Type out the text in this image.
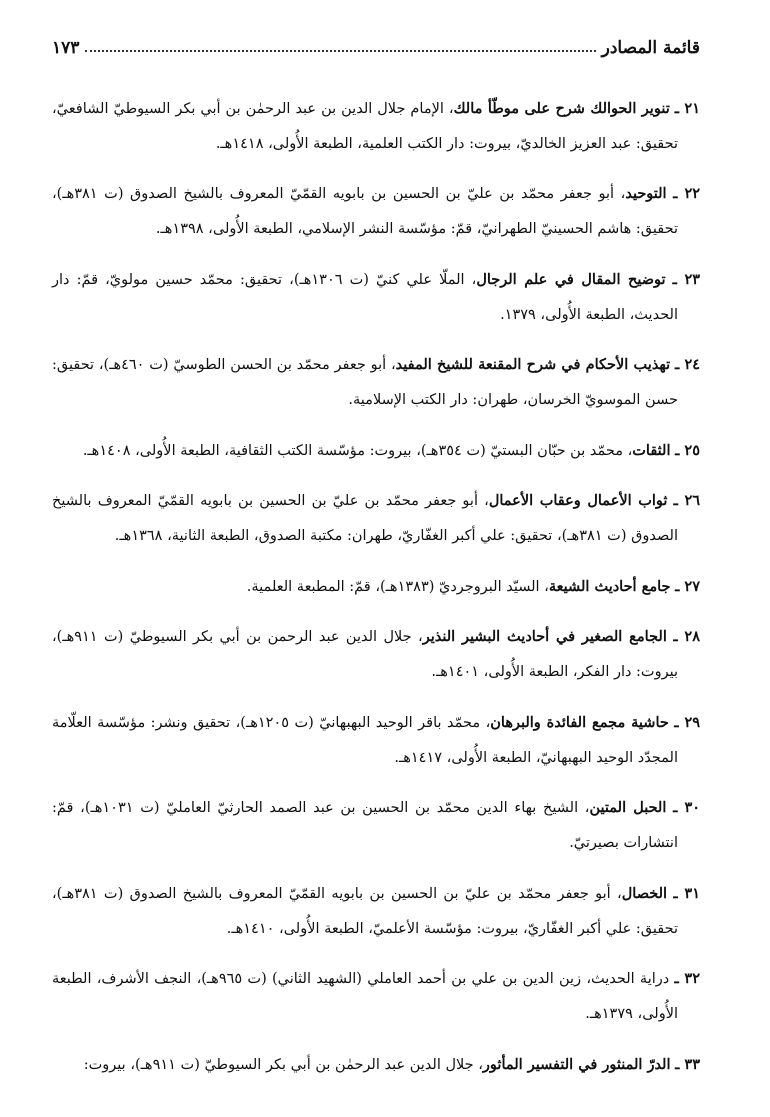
قائمة المصادر
١٧٣

٢١ ـ تنوير الحوالك شرح على موطّأ مالك، الإمام جلال الدين بن عبد الرحمٰن بن أبي بكر السيوطيّ الشافعيّ، تحقيق: عبد العزيز الخالديّ، بيروت: دار الكتب العلمية، الطبعة الأُولى، ١٤١٨هـ.

٢٢ ـ التوحيد، أبو جعفر محمّد بن عليّ بن الحسين بن بابويه القمّيّ المعروف بالشيخ الصدوق (ت ٣٨١هـ)، تحقيق: هاشم الحسينيّ الطهرانيّ، قمّ: مؤسّسة النشر الإسلامي، الطبعة الأُولى، ١٣٩٨هـ.

٢٣ ـ توضيح المقال في علم الرجال، الملّا علي كنيّ (ت ١٣٠٦هـ)، تحقيق: محمّد حسين مولويّ، قمّ: دار الحديث، الطبعة الأُولى، ١٣٧٩.

٢٤ ـ تهذيب الأحكام في شرح المقنعة للشيخ المفيد، أبو جعفر محمّد بن الحسن الطوسيّ (ت ٤٦٠هـ)، تحقيق: حسن الموسويّ الخرسان، طهران: دار الكتب الإسلامية.

٢٥ ـ الثقات، محمّد بن حبّان البستيّ (ت ٣٥٤هـ)، بيروت: مؤسّسة الكتب الثقافية، الطبعة الأُولى، ١٤٠٨هـ.

٢٦ ـ ثواب الأعمال وعقاب الأعمال، أبو جعفر محمّد بن عليّ بن الحسين بن بابويه القمّيّ المعروف بالشيخ الصدوق (ت ٣٨١هـ)، تحقيق: علي أكبر الغفّاريّ، طهران: مكتبة الصدوق، الطبعة الثانية، ١٣٦٨هـ.

٢٧ ـ جامع أحاديث الشيعة، السيّد البروجرديّ (١٣٨٣هـ)، قمّ: المطبعة العلمية.

٢٨ ـ الجامع الصغير في أحاديث البشير النذير، جلال الدين عبد الرحمن بن أبي بكر السيوطيّ (ت ٩١١هـ)، بيروت: دار الفكر، الطبعة الأُولى، ١٤٠١هـ.

٢٩ ـ حاشية مجمع الفائدة والبرهان، محمّد باقر الوحيد البهبهانيّ (ت ١٢٠٥هـ)، تحقيق ونشر: مؤسّسة العلّامة المجدّد الوحيد البهبهانيّ، الطبعة الأُولى، ١٤١٧هـ.

٣٠ ـ الحبل المتين، الشيخ بهاء الدين محمّد بن الحسين بن عبد الصمد الحارثيّ العامليّ (ت ١٠٣١هـ)، قمّ: انتشارات بصيرتيّ.

٣١ ـ الخصال، أبو جعفر محمّد بن عليّ بن الحسين بن بابويه القمّيّ المعروف بالشيخ الصدوق (ت ٣٨١هـ)، تحقيق: علي أكبر الغفّاريّ، بيروت: مؤسّسة الأعلميّ، الطبعة الأُولى، ١٤١٠هـ.

٣٢ ـ دراية الحديث، زين الدين بن علي بن أحمد العاملي (الشهيد الثاني) (ت ٩٦٥هـ)، النجف الأشرف، الطبعة الأُولى، ١٣٧٩هـ.

٣٣ ـ الدرّ المنثور في التفسير المأثور، جلال الدين عبد الرحمٰن بن أبي بكر السيوطيّ (ت ٩١١هـ)، بيروت:
